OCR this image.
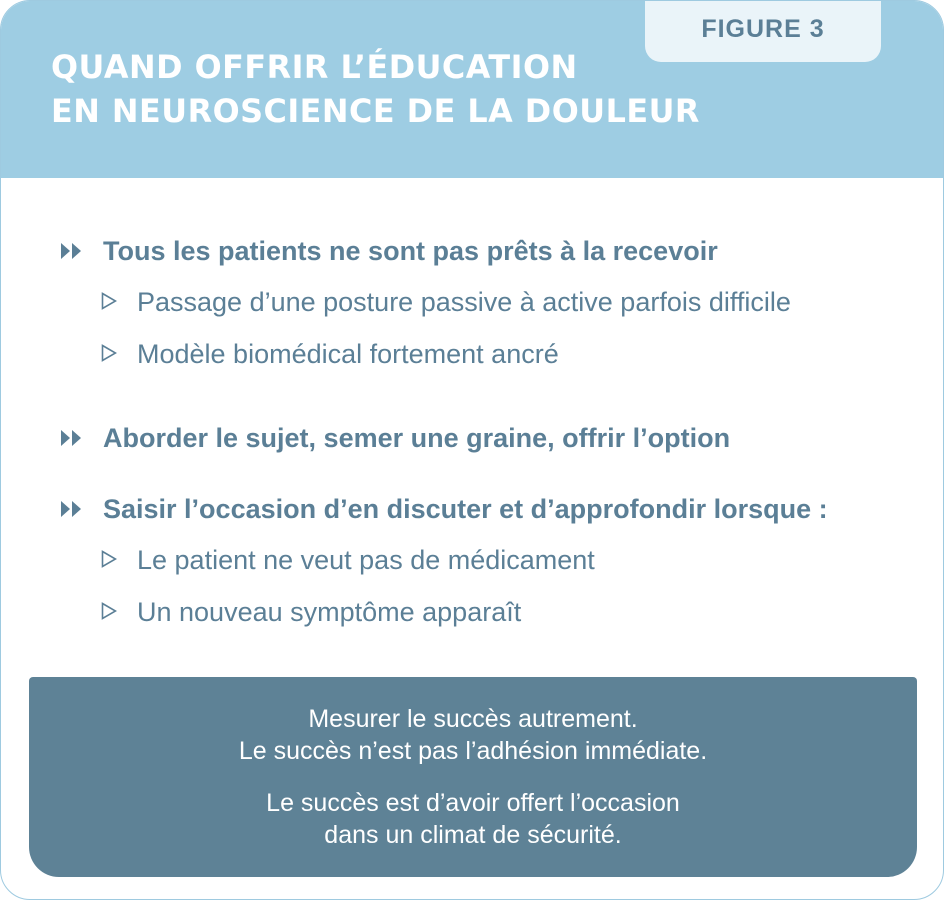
QUAND OFFRIR L’ÉDUCATION
EN NEUROSCIENCE DE LA DOULEUR
FIGURE 3
Tous les patients ne sont pas prêts à la recevoir
Passage d’une posture passive à active parfois difficile
Modèle biomédical fortement ancré
Aborder le sujet, semer une graine, offrir l’option
Saisir l’occasion d’en discuter et d’approfondir lorsque :
Le patient ne veut pas de médicament
Un nouveau symptôme apparaît

Mesurer le succès autrement.

Le succès n’est pas l’adhésion immédiate.

Le succès est d’avoir offert l’occasion

dans un climat de sécurité.
